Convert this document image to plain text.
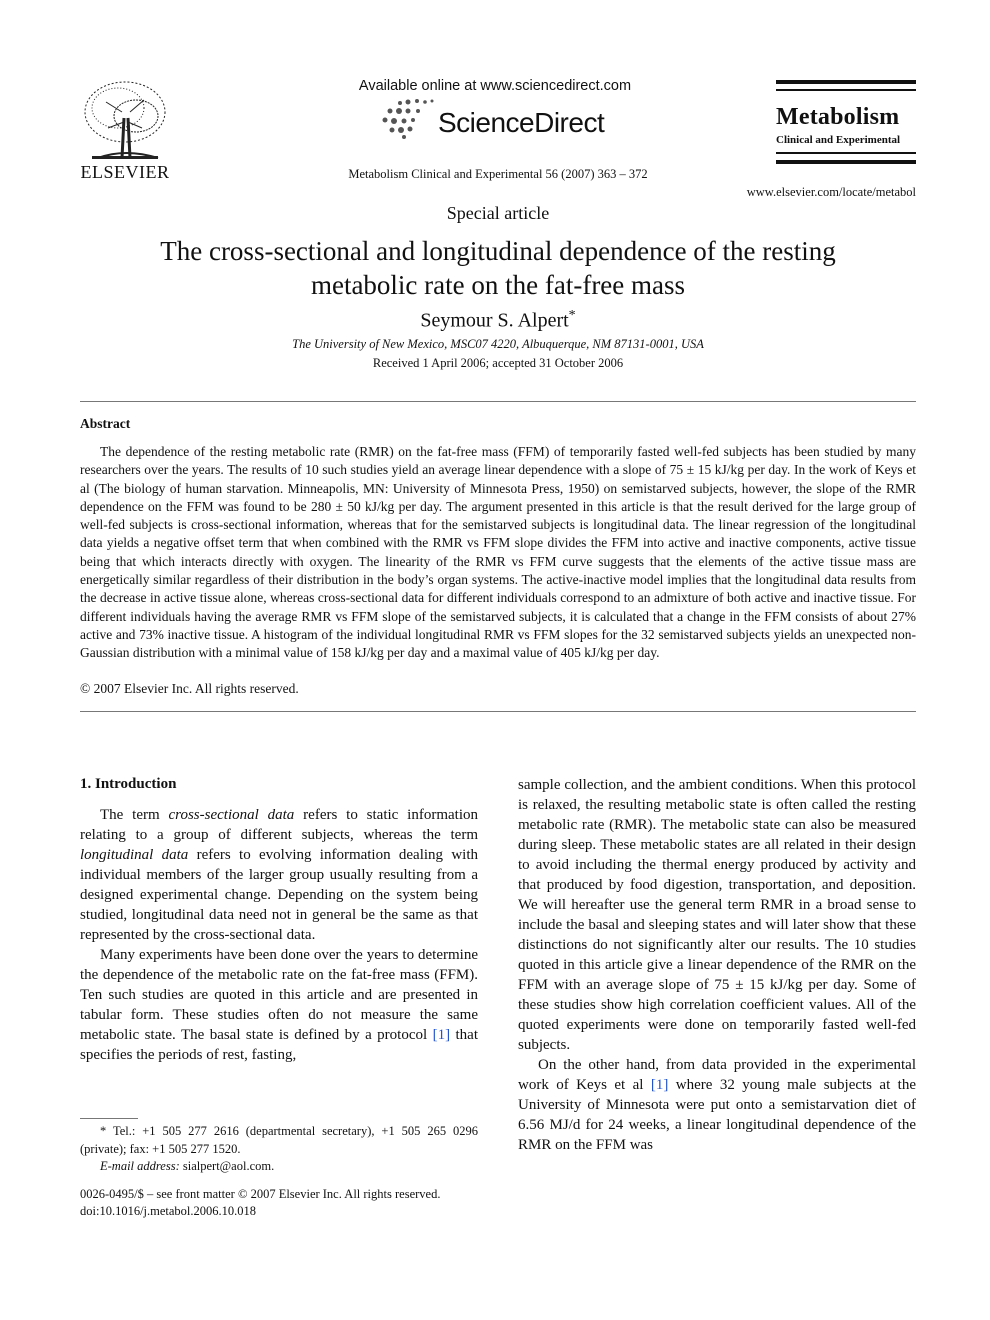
ELSEVIER
Available online at www.sciencedirect.com
ScienceDirect
Metabolism Clinical and Experimental 56 (2007) 363 – 372
Metabolism
Clinical and Experimental
www.elsevier.com/locate/metabol
Special article
The cross-sectional and longitudinal dependence of the resting
metabolic rate on the fat-free mass
Seymour S. Alpert*
The University of New Mexico, MSC07 4220, Albuquerque, NM 87131-0001, USA
Received 1 April 2006; accepted 31 October 2006
Abstract

The dependence of the resting metabolic rate (RMR) on the fat-free mass (FFM) of temporarily fasted well-fed subjects has been studied by many researchers over the years. The results of 10 such studies yield an average linear dependence with a slope of 75 ± 15 kJ/kg per day. In the work of Keys et al (The biology of human starvation. Minneapolis, MN: University of Minnesota Press, 1950) on semistarved subjects, however, the slope of the RMR dependence on the FFM was found to be 280 ± 50 kJ/kg per day. The argument presented in this article is that the result derived for the large group of well-fed subjects is cross-sectional information, whereas that for the semistarved subjects is longitudinal data. The linear regression of the longitudinal data yields a negative offset term that when combined with the RMR vs FFM slope divides the FFM into active and inactive components, active tissue being that which interacts directly with oxygen. The linearity of the RMR vs FFM curve suggests that the elements of the active tissue mass are energetically similar regardless of their distribution in the body’s organ systems. The active-inactive model implies that the longitudinal data results from the decrease in active tissue alone, whereas cross-sectional data for different individuals correspond to an admixture of both active and inactive tissue. For different individuals having the average RMR vs FFM slope of the semistarved subjects, it is calculated that a change in the FFM consists of about 27% active and 73% inactive tissue. A histogram of the individual longitudinal RMR vs FFM slopes for the 32 semistarved subjects yields an unexpected non-Gaussian distribution with a minimal value of 158 kJ/kg per day and a maximal value of 405 kJ/kg per day.

© 2007 Elsevier Inc. All rights reserved.
1. Introduction

The term cross-sectional data refers to static information relating to a group of different subjects, whereas the term longitudinal data refers to evolving information dealing with individual members of the larger group usually resulting from a designed experimental change. Depending on the system being studied, longitudinal data need not in general be the same as that represented by the cross-sectional data.

Many experiments have been done over the years to determine the dependence of the metabolic rate on the fat-free mass (FFM). Ten such studies are quoted in this article and are presented in tabular form. These studies often do not measure the same metabolic state. The basal state is defined by a protocol [1] that specifies the periods of rest, fasting,

* Tel.: +1 505 277 2616 (departmental secretary), +1 505 265 0296 (private); fax: +1 505 277 1520.

E-mail address: sialpert@aol.com.

0026-0495/$ – see front matter © 2007 Elsevier Inc. All rights reserved.
doi:10.1016/j.metabol.2006.10.018

sample collection, and the ambient conditions. When this protocol is relaxed, the resulting metabolic state is often called the resting metabolic rate (RMR). The metabolic state can also be measured during sleep. These metabolic states are all related in their design to avoid including the thermal energy produced by activity and that produced by food digestion, transportation, and deposition. We will hereafter use the general term RMR in a broad sense to include the basal and sleeping states and will later show that these distinctions do not significantly alter our results. The 10 studies quoted in this article give a linear dependence of the RMR on the FFM with an average slope of 75 ± 15 kJ/kg per day. Some of these studies show high correlation coefficient values. All of the quoted experiments were done on temporarily fasted well-fed subjects.

On the other hand, from data provided in the experimental work of Keys et al [1] where 32 young male subjects at the University of Minnesota were put onto a semistarvation diet of 6.56 MJ/d for 24 weeks, a linear longitudinal dependence of the RMR on the FFM was
